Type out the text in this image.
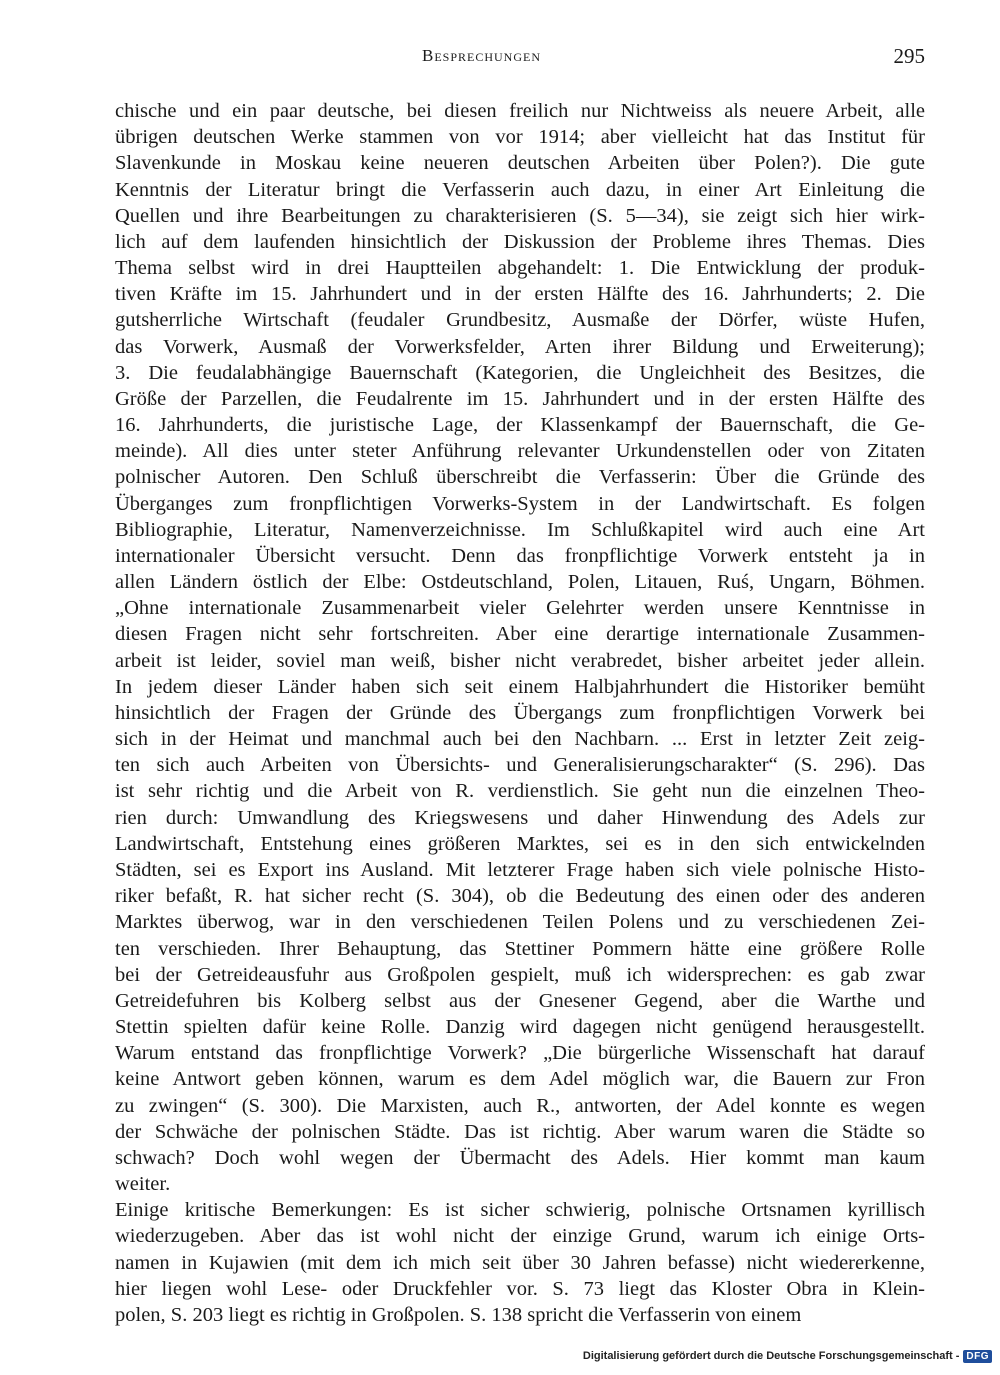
Besprechungen	295
chische und ein paar deutsche, bei diesen freilich nur Nichtweiss als neuere Arbeit, alle
übrigen deutschen Werke stammen von vor 1914; aber vielleicht hat das Institut für
Slavenkunde in Moskau keine neueren deutschen Arbeiten über Polen?). Die gute
Kenntnis der Literatur bringt die Verfasserin auch dazu, in einer Art Einleitung die
Quellen und ihre Bearbeitungen zu charakterisieren (S. 5—34), sie zeigt sich hier wirk-
lich auf dem laufenden hinsichtlich der Diskussion der Probleme ihres Themas. Dies
Thema selbst wird in drei Hauptteilen abgehandelt: 1. Die Entwicklung der produk-
tiven Kräfte im 15. Jahrhundert und in der ersten Hälfte des 16. Jahrhunderts; 2. Die
gutsherrliche Wirtschaft (feudaler Grundbesitz, Ausmaße der Dörfer, wüste Hufen,
das Vorwerk, Ausmaß der Vorwerksfelder, Arten ihrer Bildung und Erweiterung);
3. Die feudalabhängige Bauernschaft (Kategorien, die Ungleichheit des Besitzes, die
Größe der Parzellen, die Feudalrente im 15. Jahrhundert und in der ersten Hälfte des
16. Jahrhunderts, die juristische Lage, der Klassenkampf der Bauernschaft, die Ge-
meinde). All dies unter steter Anführung relevanter Urkundenstellen oder von Zitaten
polnischer Autoren. Den Schluß überschreibt die Verfasserin: Über die Gründe des
Überganges zum fronpflichtigen Vorwerks-System in der Landwirtschaft. Es folgen
Bibliographie, Literatur, Namenverzeichnisse. Im Schlußkapitel wird auch eine Art
internationaler Übersicht versucht. Denn das fronpflichtige Vorwerk entsteht ja in
allen Ländern östlich der Elbe: Ostdeutschland, Polen, Litauen, Ruś, Ungarn, Böhmen.
„Ohne internationale Zusammenarbeit vieler Gelehrter werden unsere Kenntnisse in
diesen Fragen nicht sehr fortschreiten. Aber eine derartige internationale Zusammen-
arbeit ist leider, soviel man weiß, bisher nicht verabredet, bisher arbeitet jeder allein.
In jedem dieser Länder haben sich seit einem Halbjahrhundert die Historiker bemüht
hinsichtlich der Fragen der Gründe des Übergangs zum fronpflichtigen Vorwerk bei
sich in der Heimat und manchmal auch bei den Nachbarn. ... Erst in letzter Zeit zeig-
ten sich auch Arbeiten von Übersichts- und Generalisierungscharakter“ (S. 296). Das
ist sehr richtig und die Arbeit von R. verdienstlich. Sie geht nun die einzelnen Theo-
rien durch: Umwandlung des Kriegswesens und daher Hinwendung des Adels zur
Landwirtschaft, Entstehung eines größeren Marktes, sei es in den sich entwickelnden
Städten, sei es Export ins Ausland. Mit letzterer Frage haben sich viele polnische Histo-
riker befaßt, R. hat sicher recht (S. 304), ob die Bedeutung des einen oder des anderen
Marktes überwog, war in den verschiedenen Teilen Polens und zu verschiedenen Zei-
ten verschieden. Ihrer Behauptung, das Stettiner Pommern hätte eine größere Rolle
bei der Getreideausfuhr aus Großpolen gespielt, muß ich widersprechen: es gab zwar
Getreidefuhren bis Kolberg selbst aus der Gnesener Gegend, aber die Warthe und
Stettin spielten dafür keine Rolle. Danzig wird dagegen nicht genügend herausgestellt.
Warum entstand das fronpflichtige Vorwerk? „Die bürgerliche Wissenschaft hat darauf
keine Antwort geben können, warum es dem Adel möglich war, die Bauern zur Fron
zu zwingen“ (S. 300). Die Marxisten, auch R., antworten, der Adel konnte es wegen
der Schwäche der polnischen Städte. Das ist richtig. Aber warum waren die Städte so
schwach? Doch wohl wegen der Übermacht des Adels. Hier kommt man kaum
weiter.
Einige kritische Bemerkungen: Es ist sicher schwierig, polnische Ortsnamen kyrillisch
wiederzugeben. Aber das ist wohl nicht der einzige Grund, warum ich einige Orts-
namen in Kujawien (mit dem ich mich seit über 30 Jahren befasse) nicht wiedererkenne,
hier liegen wohl Lese- oder Druckfehler vor. S. 73 liegt das Kloster Obra in Klein-
polen, S. 203 liegt es richtig in Großpolen. S. 138 spricht die Verfasserin von einem
Digitalisierung gefördert durch die Deutsche Forschungsgemeinschaft - DFG
